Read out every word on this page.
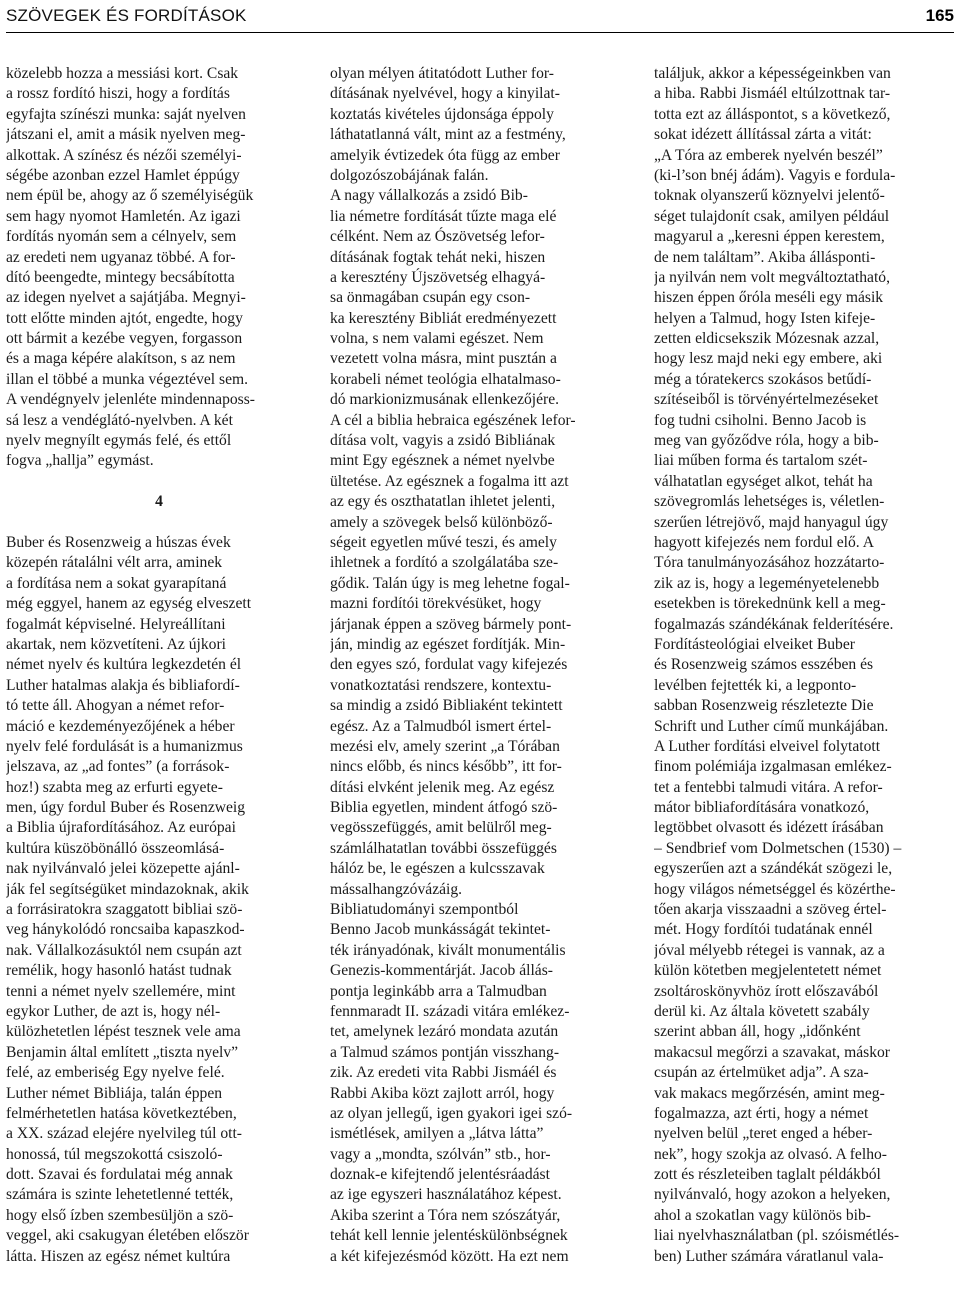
SZÖVEGEK ÉS FORDÍTÁSOK	165
közelebb hozza a messiási kort. Csak
a rossz fordító hiszi, hogy a fordítás
egyfajta színészi munka: saját nyelven
játszani el, amit a másik nyelven meg-
alkottak. A színész és nézői személyi-
ségébe azonban ezzel Hamlet éppúgy
nem épül be, ahogy az ő személyiségük
sem hagy nyomot Hamletén. Az igazi
fordítás nyomán sem a célnyelv, sem
az eredeti nem ugyanaz többé. A for-
dító beengedte, mintegy becsábította
az idegen nyelvet a sajátjába. Megnyi-
tott előtte minden ajtót, engedte, hogy
ott bármit a kezébe vegyen, forgasson
és a maga képére alakítson, s az nem
illan el többé a munka végeztével sem.
A vendégnyelv jelenléte mindennaposs-
sá lesz a vendéglátó-nyelvben. A két
nyelv megnyílt egymás felé, és ettől
fogva „hallja” egymást.
4
Buber és Rosenzweig a húszas évek
közepén rátalálni vélt arra, aminek
a fordítása nem a sokat gyarapítaná
még eggyel, hanem az egység elveszett
fogalmát képviselné. Helyreállítani
akartak, nem közvetíteni. Az újkori
német nyelv és kultúra legkezdetén él
Luther hatalmas alakja és bibliafordí-
tó tette áll. Ahogyan a német refor-
máció e kezdeményezőjének a héber
nyelv felé fordulását is a humanizmus
jelszava, az „ad fontes” (a források-
hoz!) szabta meg az erfurti egyete-
men, úgy fordul Buber és Rosenzweig
a Biblia újrafordításához. Az európai
kultúra küszöbönálló összeomlásá-
nak nyilvánvaló jelei közepette ajánl-
ják fel segítségüket mindazoknak, akik
a forrásiratokra szaggatott bibliai szö-
veg hánykolódó roncsaiba kapaszkod-
nak. Vállalkozásuktól nem csupán azt
remélik, hogy hasonló hatást tudnak
tenni a német nyelv szellemére, mint
egykor Luther, de azt is, hogy nél-
külözhetetlen lépést tesznek vele ama
Benjamin által említett „tiszta nyelv”
felé, az emberiség Egy nyelve felé.
Luther német Bibliája, talán éppen
felmérhetetlen hatása következtében,
a XX. század elejére nyelvileg túl ott-
honossá, túl megszokottá csiszoló-
dott. Szavai és fordulatai még annak
számára is szinte lehetetlenné tették,
hogy első ízben szembesüljön a szö-
veggel, aki csakugyan életében először
látta. Hiszen az egész német kultúra
olyan mélyen átitatódott Luther for-
dításának nyelvével, hogy a kinyilat-
koztatás kivételes újdonsága éppoly
láthatatlanná vált, mint az a festmény,
amelyik évtizedek óta függ az ember
dolgozószobájának falán.
A nagy vállalkozás a zsidó Bib-
lia németre fordítását tűzte maga elé
célként. Nem az Ószövetség lefor-
dításának fogtak tehát neki, hiszen
a keresztény Újszövetség elhagyá-
sa önmagában csupán egy cson-
ka keresztény Bibliát eredményezett
volna, s nem valami egészet. Nem
vezetett volna másra, mint pusztán a
korabeli német teológia elhatalmaso-
dó markionizmusának ellenkezőjére.
A cél a biblia hebraica egészének lefor-
dítása volt, vagyis a zsidó Bibliának
mint Egy egésznek a német nyelvbe
ültetése. Az egésznek a fogalma itt azt
az egy és oszthatatlan ihletet jelenti,
amely a szövegek belső különböző-
ségeit egyetlen művé teszi, és amely
ihletnek a fordító a szolgálatába sze-
gődik. Talán úgy is meg lehetne fogal-
mazni fordítói törekvésüket, hogy
járjanak éppen a szöveg bármely pont-
ján, mindig az egészet fordítják. Min-
den egyes szó, fordulat vagy kifejezés
vonatkoztatási rendszere, kontextu-
sa mindig a zsidó Bibliaként tekintett
egész. Az a Talmudból ismert értel-
mezési elv, amely szerint „a Tórában
nincs előbb, és nincs később”, itt for-
dítási elvként jelenik meg. Az egész
Biblia egyetlen, mindent átfogó szö-
vegösszefüggés, amit belülről meg-
számlálhatatlan további összefüggés
hálóz be, le egészen a kulcsszavak
mássalhangzóvázáig.
Bibliatudományi szempontból
Benno Jacob munkásságát tekintet-
ték irányadónak, kivált monumentális
Genezis-kommentárját. Jacob állás-
pontja leginkább arra a Talmudban
fennmaradt II. századi vitára emlékez-
tet, amelynek lezáró mondata azután
a Talmud számos pontján visszhang-
zik. Az eredeti vita Rabbi Jismáél és
Rabbi Akiba közt zajlott arról, hogy
az olyan jellegű, igen gyakori igei szó-
ismétlések, amilyen a „látva látta”
vagy a „mondta, szólván” stb., hor-
doznak-e kifejtendő jelentésráadást
az ige egyszeri használatához képest.
Akiba szerint a Tóra nem szószátyár,
tehát kell lennie jelentéskülönbségnek
a két kifejezésmód között. Ha ezt nem
találjuk, akkor a képességeinkben van
a hiba. Rabbi Jismáél eltúlzottnak tar-
totta ezt az álláspontot, s a következő,
sokat idézett állítással zárta a vitát:
„A Tóra az emberek nyelvén beszél”
(ki-l’son bnéj ádám). Vagyis e fordula-
toknak olyanszerű köznyelvi jelentő-
séget tulajdonít csak, amilyen például
magyarul a „keresni éppen kerestem,
de nem találtam”. Akiba állásponti-
ja nyilván nem volt megváltoztatható,
hiszen éppen őróla meséli egy másik
helyen a Talmud, hogy Isten kifeje-
zetten eldicsekszik Mózesnak azzal,
hogy lesz majd neki egy embere, aki
még a tóratekercs szokásos betűdí-
szítéseiből is törvényértelmezéseket
fog tudni csiholni. Benno Jacob is
meg van győződve róla, hogy a bib-
liai műben forma és tartalom szét-
válhatatlan egységet alkot, tehát ha
szövegromlás lehetséges is, véletlen-
szerűen létrejövő, majd hanyagul úgy
hagyott kifejezés nem fordul elő. A
Tóra tanulmányozásához hozzátarto-
zik az is, hogy a legeményetelenebb
esetekben is törekednünk kell a meg-
fogalmazás szándékának felderítésére.
Fordításteológiai elveiket Buber
és Rosenzweig számos esszében és
levélben fejtették ki, a legponto-
sabban Rosenzweig részletezte Die
Schrift und Luther című munkájában.
A Luther fordítási elveivel folytatott
finom polémiája izgalmasan emlékez-
tet a fentebbi talmudi vitára. A refor-
mátor bibliafordítására vonatkozó,
legtöbbet olvasott és idézett írásában
– Sendbrief vom Dolmetschen (1530) –
egyszerűen azt a szándékát szögezi le,
hogy világos németséggel és közérthe-
tően akarja visszaadni a szöveg értel-
mét. Hogy fordítói tudatának ennél
jóval mélyebb rétegei is vannak, az a
külön kötetben megjelentetett német
zsoltároskönyvhöz írott előszavából
derül ki. Az általa követett szabály
szerint abban áll, hogy „időnként
makacsul megőrzi a szavakat, máskor
csupán az értelmüket adja”. A sza-
vak makacs megőrzésén, amint meg-
fogalmazza, azt érti, hogy a német
nyelven belül „teret enged a héber-
nek”, hogy szokja az olvasó. A felho-
zott és részleteiben taglalt példákból
nyilvánvaló, hogy azokon a helyeken,
ahol a szokatlan vagy különös bib-
liai nyelvhasználatban (pl. szóismétlés-
ben) Luther számára váratlanul vala-
